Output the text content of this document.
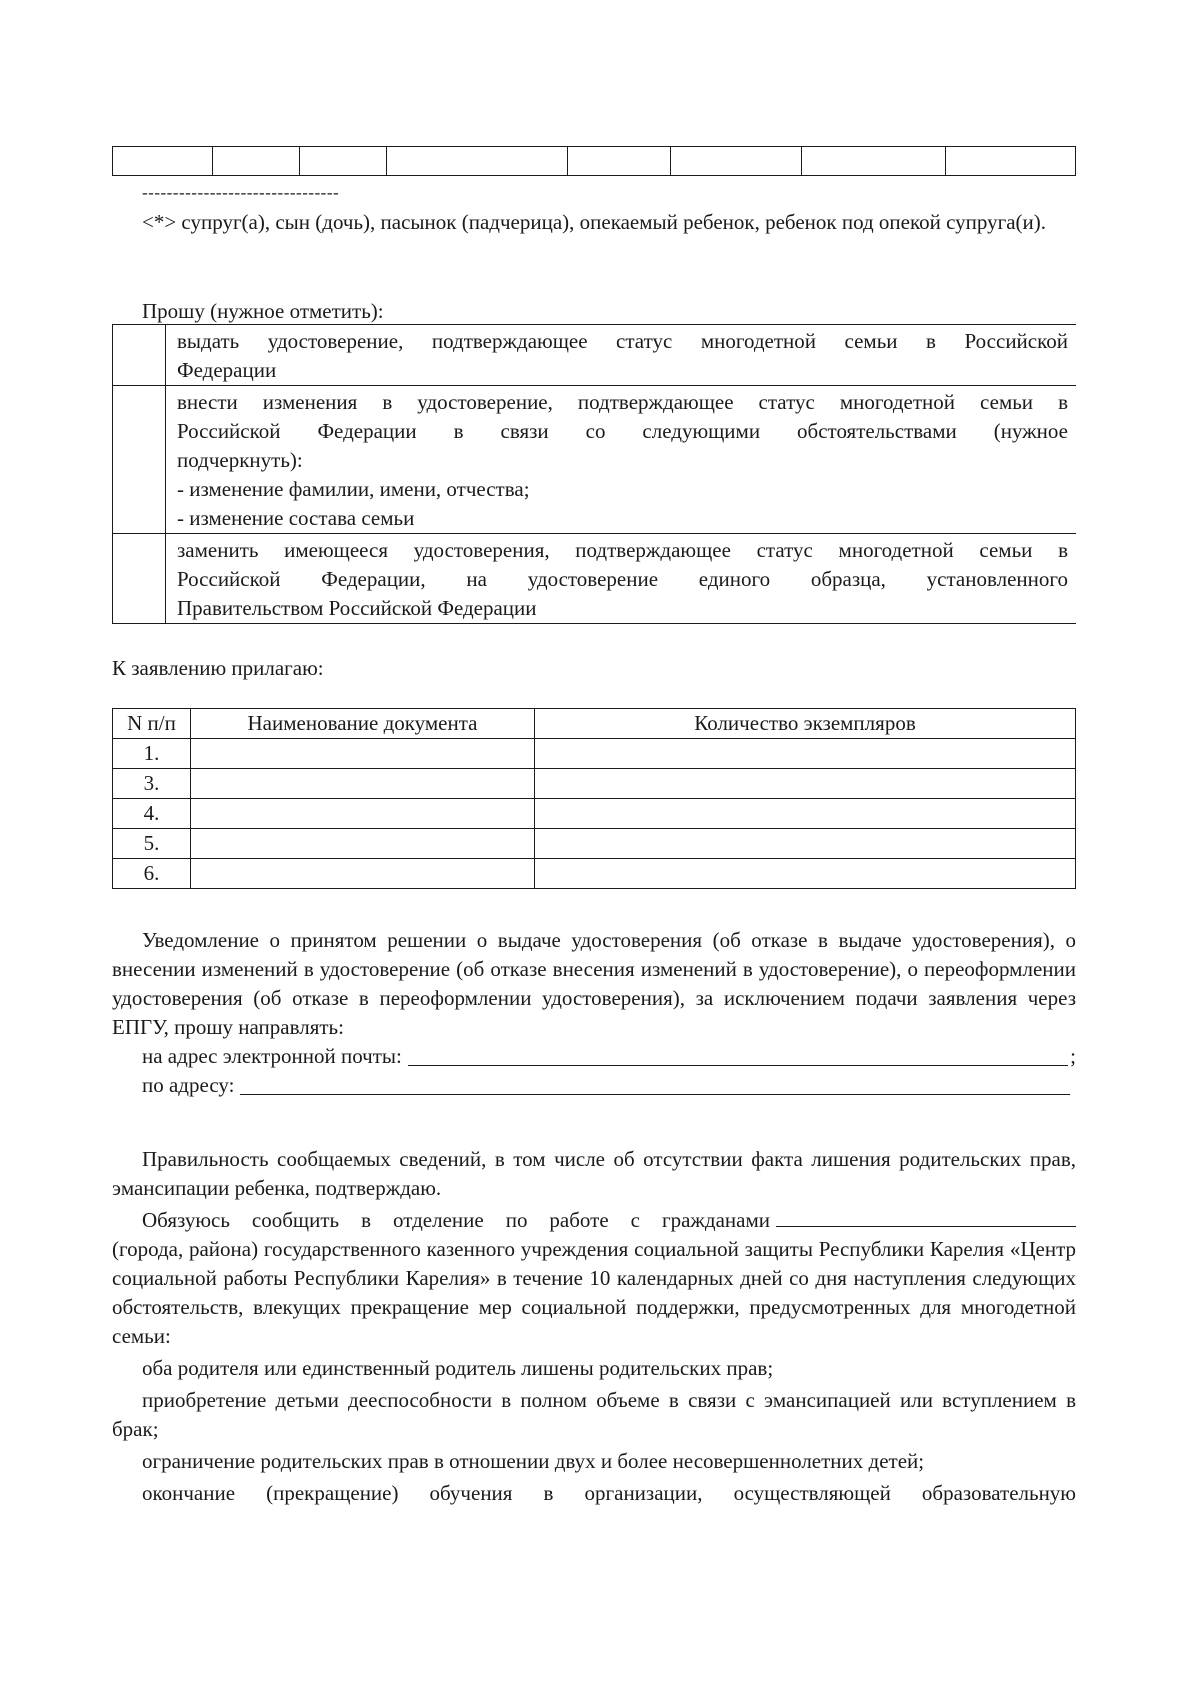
--------------------------------
<*> супруг(а), сын (дочь), пасынок (падчерица), опекаемый ребенок, ребенок под опекой супруга(и).
Прошу (нужное отметить):

	выдать удостоверение, подтверждающее статус многодетной семьи в Российской
Федерации

	внести изменения в удостоверение, подтверждающее статус многодетной семьи в
Российской Федерации в связи со следующими обстоятельствами (нужное
подчеркнуть):
- изменение фамилии, имени, отчества;
- изменение состава семьи

	заменить имеющееся удостоверения, подтверждающее статус многодетной семьи в
Российской Федерации, на удостоверение единого образца, установленного
Правительством Российской Федерации
К заявлению прилагаю:
N п/п	Наименование документа	Количество экземпляров
1.		
3.		
4.		
5.		
6.		

Уведомление о принятом решении о выдаче удостоверения (об отказе в выдаче удостоверения), о внесении изменений в удостоверение (об отказе внесения изменений в удостоверение), о переоформлении удостоверения (об отказе в переоформлении удостоверения), за исключением подачи заявления через ЕПГУ, прошу направлять:

на адрес электронной почты:	;
по адресу:

Правильность сообщаемых сведений, в том числе об отсутствии факта лишения родительских прав, эмансипации ребенка, подтверждаю.

Обязуюсь сообщить в отделение по работе с гражданами

(города, района) государственного казенного учреждения социальной защиты Республики Карелия «Центр социальной работы Республики Карелия» в течение 10 календарных дней со дня наступления следующих обстоятельств, влекущих прекращение мер социальной поддержки, предусмотренных для многодетной семьи:

оба родителя или единственный родитель лишены родительских прав;

приобретение детьми дееспособности в полном объеме в связи с эмансипацией или вступлением в брак;

ограничение родительских прав в отношении двух и более несовершеннолетних детей;

окончание (прекращение) обучения в организации, осуществляющей образовательную
